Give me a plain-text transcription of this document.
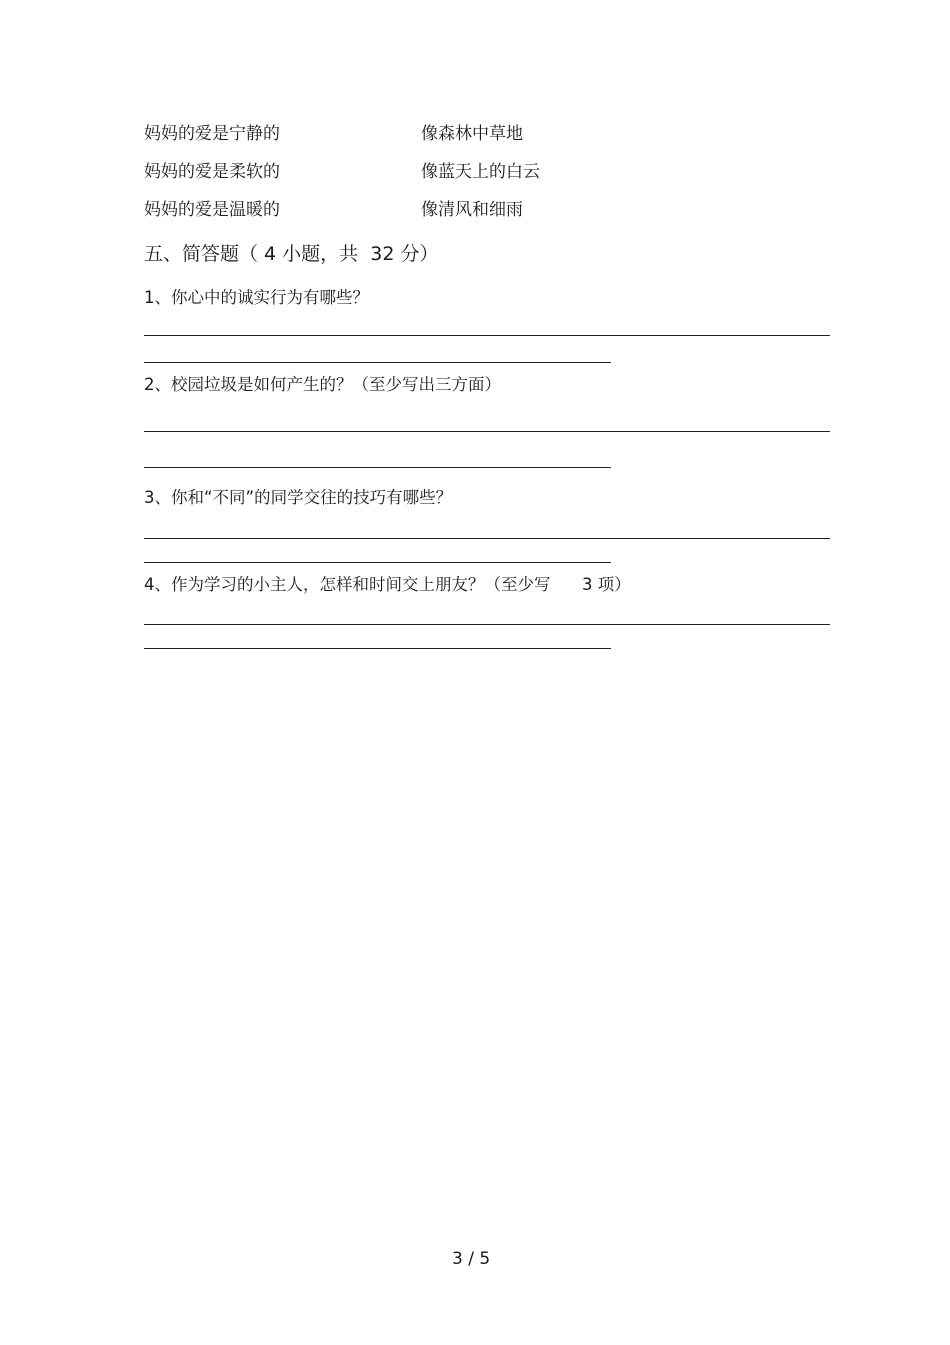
妈妈的爱是宁静的	像森林中草地
妈妈的爱是柔软的	像蓝天上的白云
妈妈的爱是温暖的	像清风和细雨
五、简答题（ 4 小题，共  32 分）
1、你心中的诚实行为有哪些？
2、校园垃圾是如何产生的？（至少写出三方面）
3、你和“不同”的同学交往的技巧有哪些？
4、作为学习的小主人，怎样和时间交上朋友？（至少写      3 项）
3 / 5
